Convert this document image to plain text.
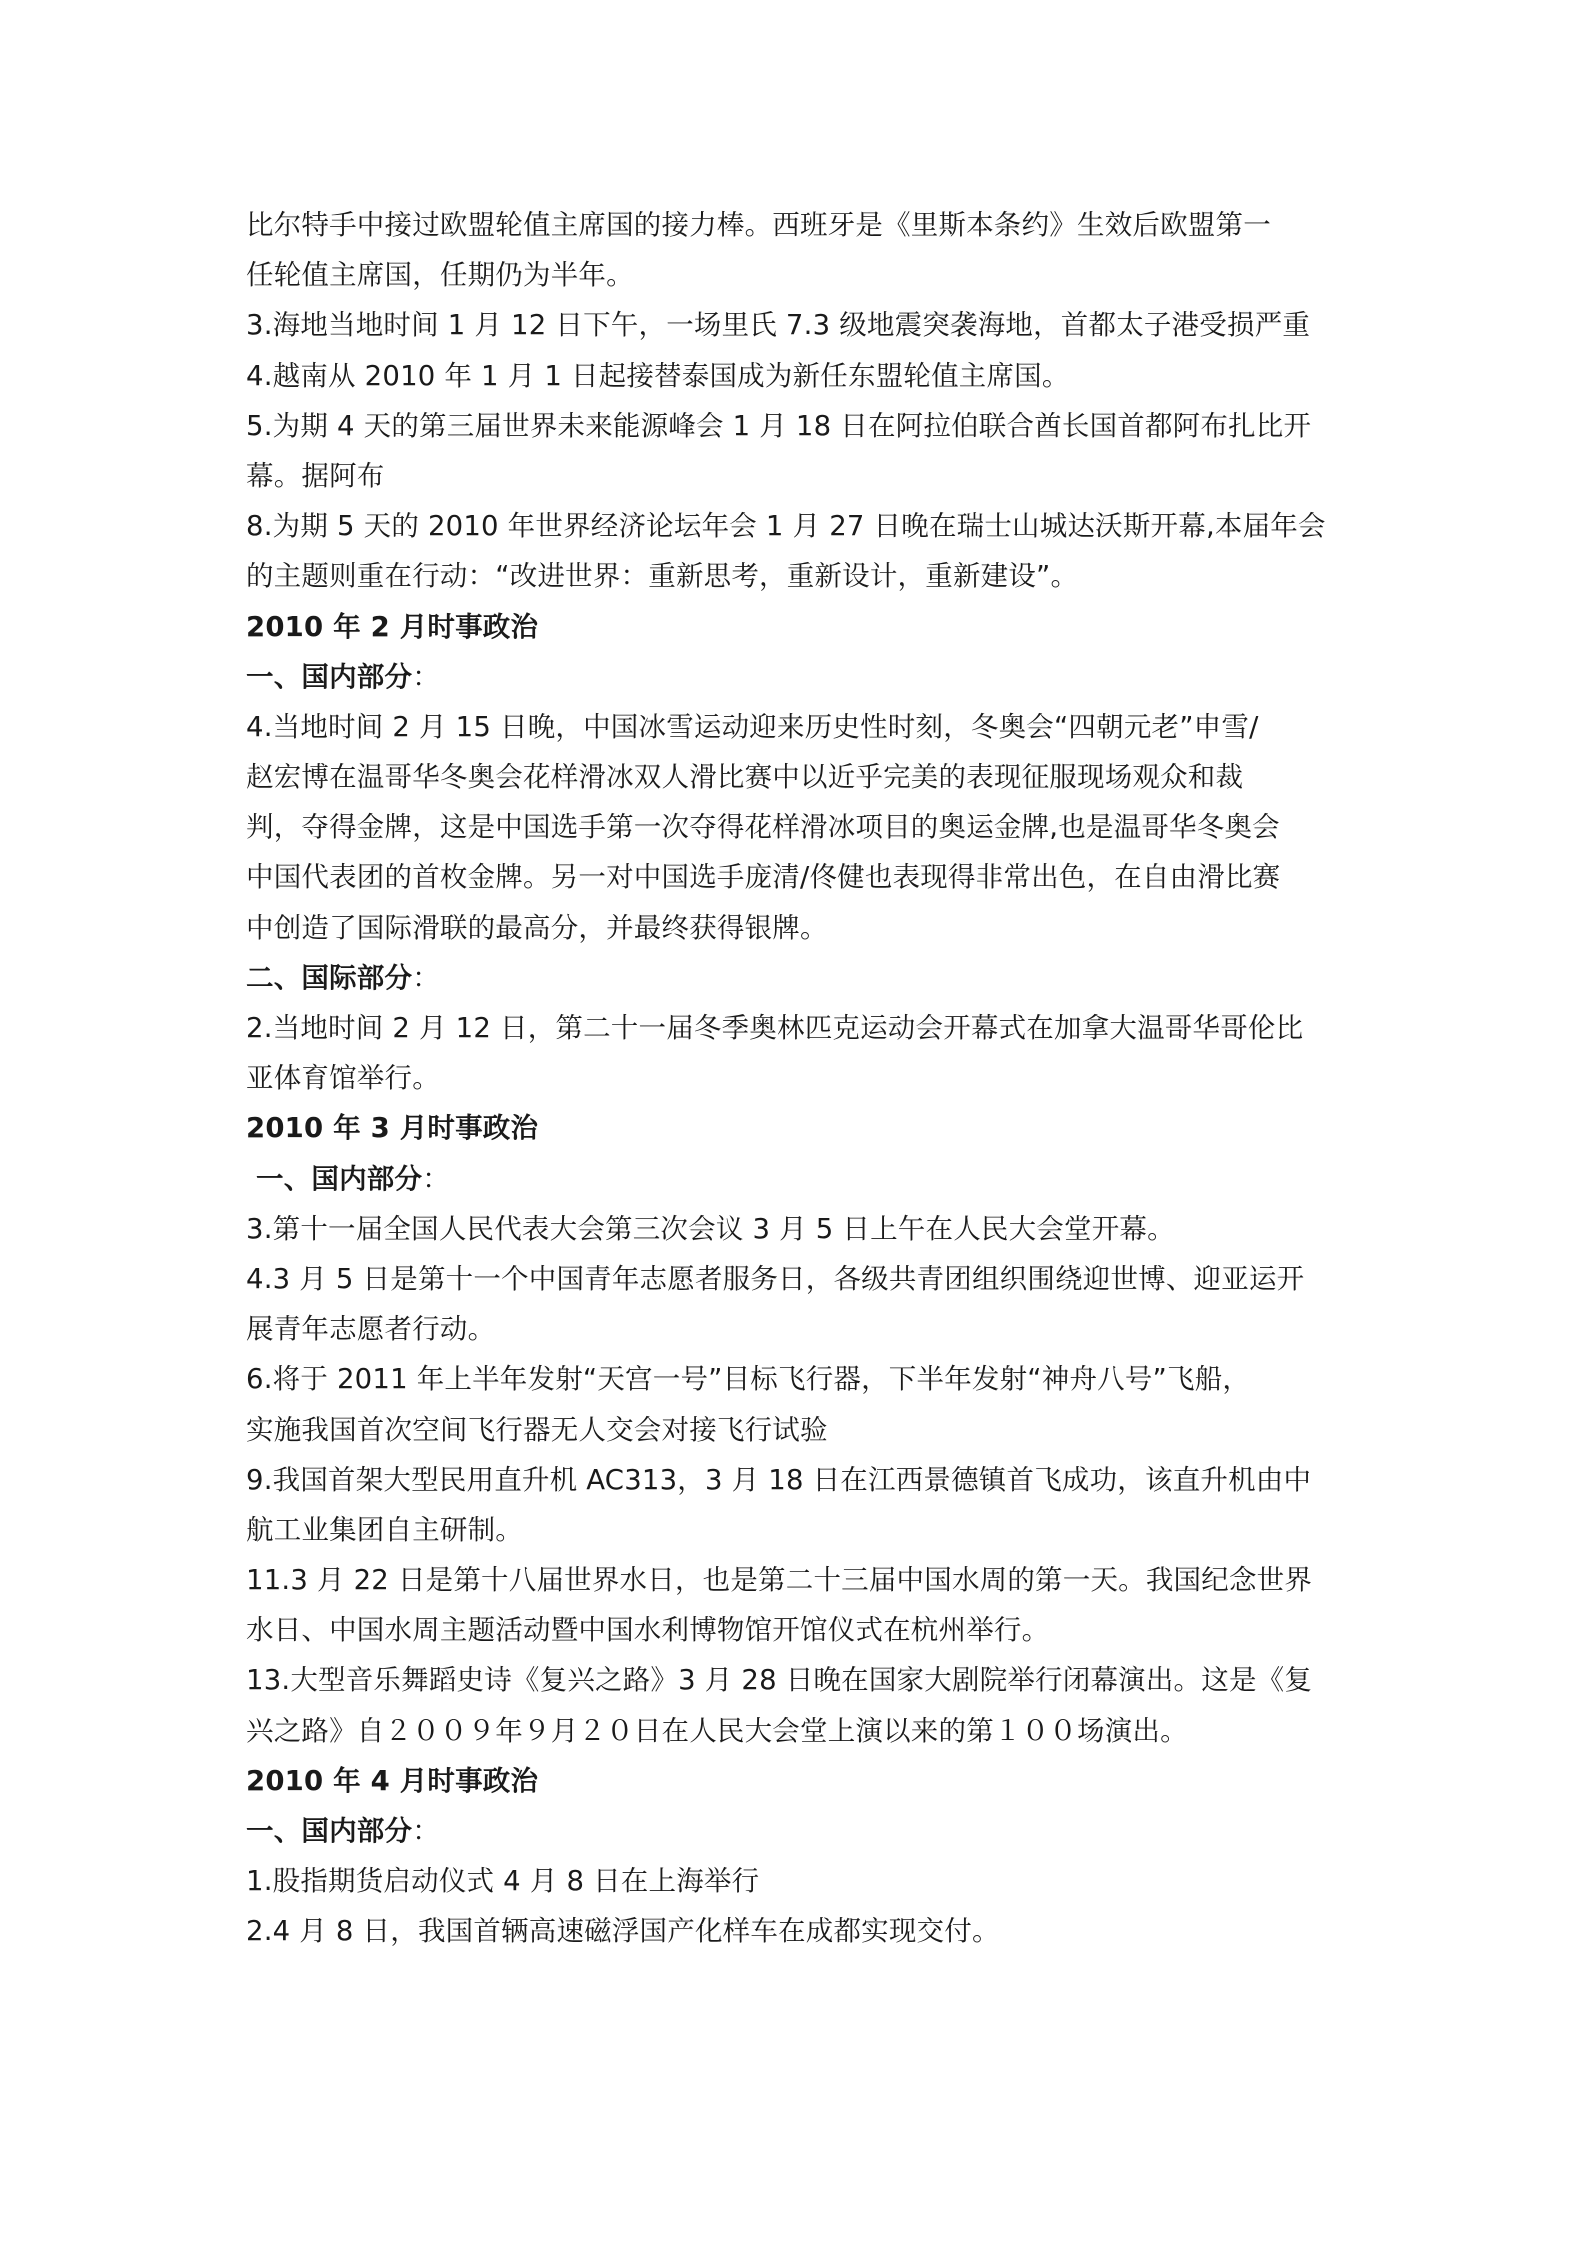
比尔特手中接过欧盟轮值主席国的接力棒。西班牙是《里斯本条约》生效后欧盟第一
任轮值主席国，任期仍为半年。
3.海地当地时间 1 月 12 日下午，一场里氏 7.3 级地震突袭海地，首都太子港受损严重
4.越南从 2010 年 1 月 1 日起接替泰国成为新任东盟轮值主席国。
5.为期 4 天的第三届世界未来能源峰会 1 月 18 日在阿拉伯联合酋长国首都阿布扎比开
幕。据阿布
8.为期 5 天的 2010 年世界经济论坛年会 1 月 27 日晚在瑞士山城达沃斯开幕,本届年会
的主题则重在行动：“改进世界：重新思考，重新设计，重新建设”。
2010 年 2 月时事政治
一、国内部分：
4.当地时间 2 月 15 日晚，中国冰雪运动迎来历史性时刻，冬奥会“四朝元老”申雪/
赵宏博在温哥华冬奥会花样滑冰双人滑比赛中以近乎完美的表现征服现场观众和裁
判，夺得金牌，这是中国选手第一次夺得花样滑冰项目的奥运金牌,也是温哥华冬奥会
中国代表团的首枚金牌。另一对中国选手庞清/佟健也表现得非常出色，在自由滑比赛
中创造了国际滑联的最高分，并最终获得银牌。
二、国际部分：
2.当地时间 2 月 12 日，第二十一届冬季奥林匹克运动会开幕式在加拿大温哥华哥伦比
亚体育馆举行。
2010 年 3 月时事政治
一、国内部分：
3.第十一届全国人民代表大会第三次会议 3 月 5 日上午在人民大会堂开幕。
4.3 月 5 日是第十一个中国青年志愿者服务日，各级共青团组织围绕迎世博、迎亚运开
展青年志愿者行动。
6.将于 2011 年上半年发射“天宫一号”目标飞行器，下半年发射“神舟八号”飞船，
实施我国首次空间飞行器无人交会对接飞行试验
9.我国首架大型民用直升机 AC313，3 月 18 日在江西景德镇首飞成功，该直升机由中
航工业集团自主研制。
11.3 月 22 日是第十八届世界水日，也是第二十三届中国水周的第一天。我国纪念世界
水日、中国水周主题活动暨中国水利博物馆开馆仪式在杭州举行。
13.大型音乐舞蹈史诗《复兴之路》3 月 28 日晚在国家大剧院举行闭幕演出。这是《复
兴之路》自２００９年９月２０日在人民大会堂上演以来的第１００场演出。
2010 年 4 月时事政治
一、国内部分：
1.股指期货启动仪式 4 月 8 日在上海举行
2.4 月 8 日，我国首辆高速磁浮国产化样车在成都实现交付。
